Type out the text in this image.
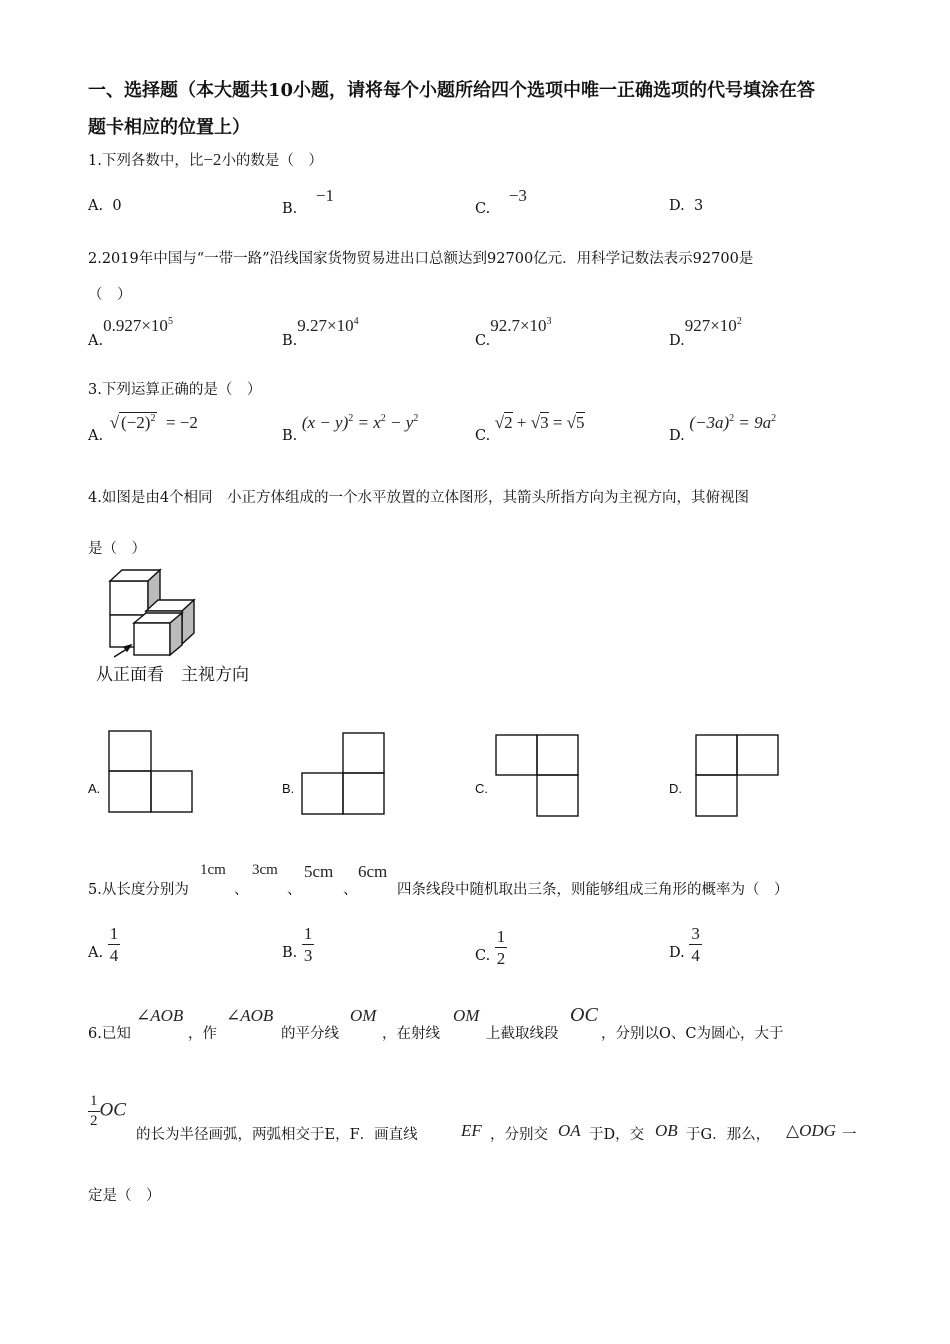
一、选择题（本大题共10小题，请将每个小题所给四个选项中唯一正确选项的代号填涂在答
题卡相应的位置上）
1.下列各数中，比−2小的数是（　）
A. 0	B. −1
C. −3
D. 3
2.2019年中国与“一带一路”沿线国家货物贸易进出口总额达到92700亿元．用科学记数法表示92700是
（　）
$A.0.927\times 10^5$
$B.9.27\times 10^4$
$C.92.7\times 10^3$
$D.927\times 10^2$
3.下列运算正确的是（　）
A. √ $(-2)^2 = -2$
B. $(x - y)^2 = x^2 - y^2$
C. √2 + √3 = √5
D. $(-3a)^2 = 9a^2$
4.如图是由4个相同　小正方体组成的一个水平放置的立体图形，其箭头所指方向为主视方向，其俯视图
是（　）
从正面看　主视方向
A.	B.	C.	D.
5.从长度分别为
1cm
、
3cm
、
5cm
、
6cm
四条线段中随机取出三条，则能够组成三角形的概率为（　）
A. $\frac{1}{4}$	B. $\frac{1}{3}$	C. $\frac{1}{2}$	D. $\frac{3}{4}$
6.已知
∠AOB
，作
∠AOB
的平分线
OM
，在射线
OM
上截取线段
OC
，分别以O、C为圆心，大于
$\frac{1}{2}$ OC
的长为半径画弧，两弧相交于E，F．画直线	EF ，分别交 OA 于D，交 OB 于G．那么， △ODG 一
定是（　）
